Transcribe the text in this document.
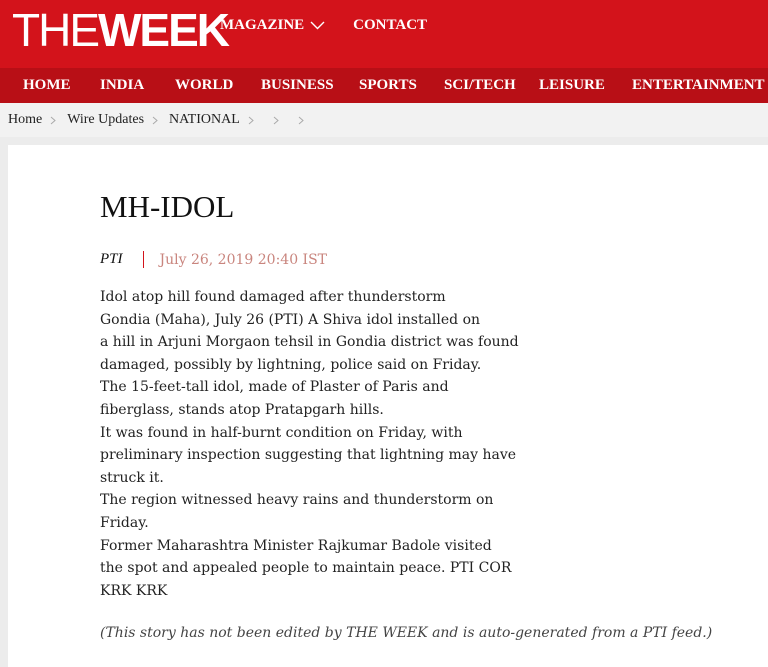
THEWEEK
MAGAZINE	CONTACT
HOME INDIA WORLD BUSINESS SPORTS SCI/TECH LEISURE ENTERTAINMENT
Home Wire Updates NATIONAL
MH-IDOL
PTI	July 26, 2019 20:40 IST

Idol atop hill found damaged after thunderstorm

Gondia (Maha), July 26 (PTI) A Shiva idol installed on
a hill in Arjuni Morgaon tehsil in Gondia district was found
damaged, possibly by lightning, police said on Friday.

The 15-feet-tall idol, made of Plaster of Paris and
fiberglass, stands atop Pratapgarh hills.

It was found in half-burnt condition on Friday, with
preliminary inspection suggesting that lightning may have
struck it.

The region witnessed heavy rains and thunderstorm on
Friday.

Former Maharashtra Minister Rajkumar Badole visited
the spot and appealed people to maintain peace. PTI COR
KRK KRK

(This story has not been edited by THE WEEK and is auto-generated from a PTI feed.)
